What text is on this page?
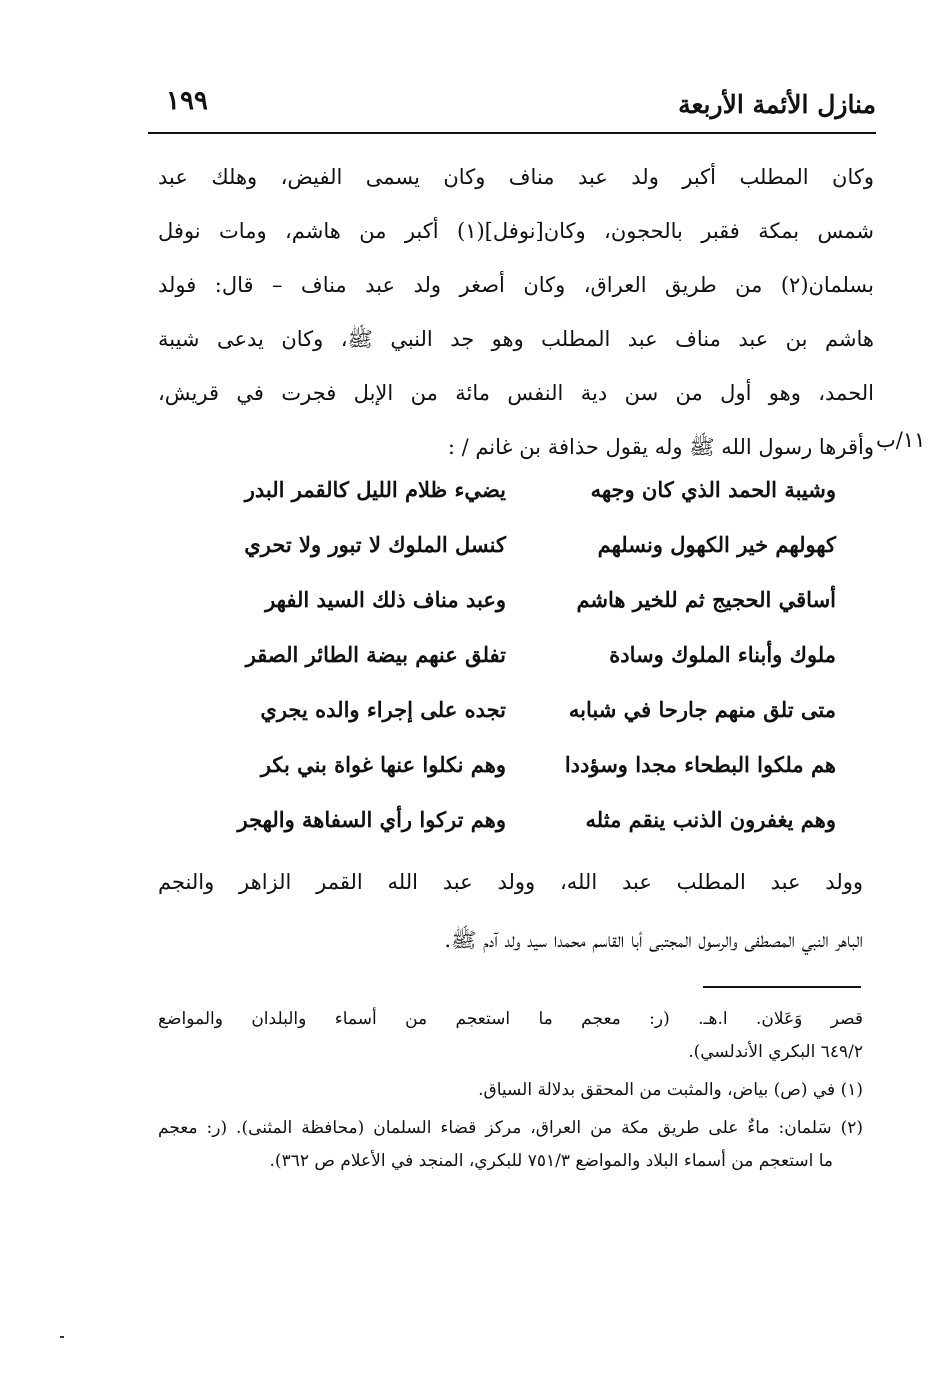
منازل الأئمة الأربعة
١٩٩
وكان المطلب أكبر ولد عبد مناف وكان يسمى الفيض، وهلك عبد
شمس بمكة فقبر بالحجون، وكان[نوفل](١) أكبر من هاشم، ومات نوفل
بسلمان(٢) من طريق العراق، وكان أصغر ولد عبد مناف – قال: فولد
هاشم بن عبد مناف عبد المطلب وهو جد النبي ﷺ، وكان يدعى شيبة
الحمد، وهو أول من سن دية النفس مائة من الإبل فجرت في قريش،
وأقرها رسول الله ﷺ وله يقول حذافة بن غانم / : ١١/ب
وشيبة الحمد الذي كان وجهه
يضيء ظلام الليل كالقمر البدر
كهولهم خير الكهول ونسلهم
كنسل الملوك لا تبور ولا تحري
أساقي الحجيج ثم للخير هاشم
وعبد مناف ذلك السيد الفهر
ملوك وأبناء الملوك وسادة
تفلق عنهم بيضة الطائر الصقر
متى تلق منهم جارحا في شبابه
تجده على إجراء والده يجري
هم ملكوا البطحاء مجدا وسؤددا
وهم نكلوا عنها غواة بني بكر
وهم يغفرون الذنب ينقم مثله
وهم تركوا رأي السفاهة والهجر
وولد عبد المطلب عبد الله، وولد عبد الله القمر الزاهر والنجم
الباهر النبي المصطفى والرسول المجتبى أبا القاسم محمدا سيد ولد آدم ﷺ.
قصر وَعَلان. ا.هـ. (ر: معجم ما استعجم من أسماء والبلدان والمواضع
٦٤٩/٢ البكري الأندلسي).
(١) في (ص) بياض، والمثبت من المحقق بدلالة السياق.
(٢) سَلمان: ماءٌ على طريق مكة من العراق، مركز قضاء السلمان (محافظة المثنى). (ر: معجم
ما استعجم من أسماء البلاد والمواضع ٧٥١/٣ للبكري، المنجد في الأعلام ص ٣٦٢).
